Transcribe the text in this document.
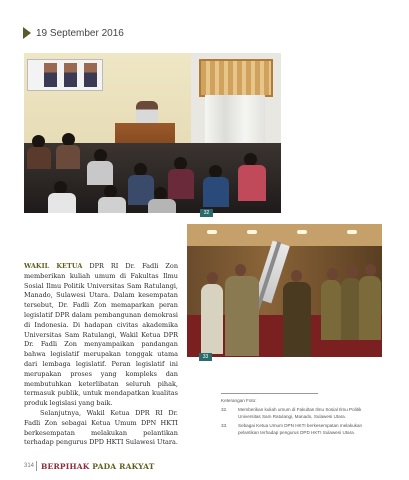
19 September 2016
32
33

WAKIL KETUA DPR RI Dr. Fadli Zon memberikan kuliah umum di Fakultas Ilmu Sosial Ilmu Politik Universitas Sam Ratulangi, Manado, Sulawesi Utara. Dalam kesempatan tersebut, Dr. Fadli Zon memaparkan peran legislatif DPR dalam pembangunan demokrasi di Indonesia. Di hadapan civitas akademika Universitas Sam Ratulangi, Wakil Ketua DPR Dr. Fadli Zon menyampaikan pandangan bahwa legislatif merupakan tonggak utama dari lembaga legislatif. Peran legislatif ini merupakan proses yang kompleks dan membutuhkan keterlibatan seluruh pihak, termasuk publik, untuk mendapatkan kualitas produk legislasi yang baik.

Selanjutnya, Wakil Ketua DPR RI Dr. Fadli Zon sebagai Ketua Umum DPN HKTI berkesempatan melakukan pelantikan terhadap pengurus DPD HKTI Sulawesi Utara.

Keterangan Foto:
32.	Memberikan kuliah umum di Fakultas Ilmu Sosial Ilmu Politik Universitas Sam Ratulangi, Manado, Sulawesi Utara.
33.	Sebagai Ketua Umum DPN HKTI berkesempatan melakukan pelantikan terhadap pengurus DPD HKTI Sulawesi Utara.
314 BERPIHAK PADA RAKYAT
